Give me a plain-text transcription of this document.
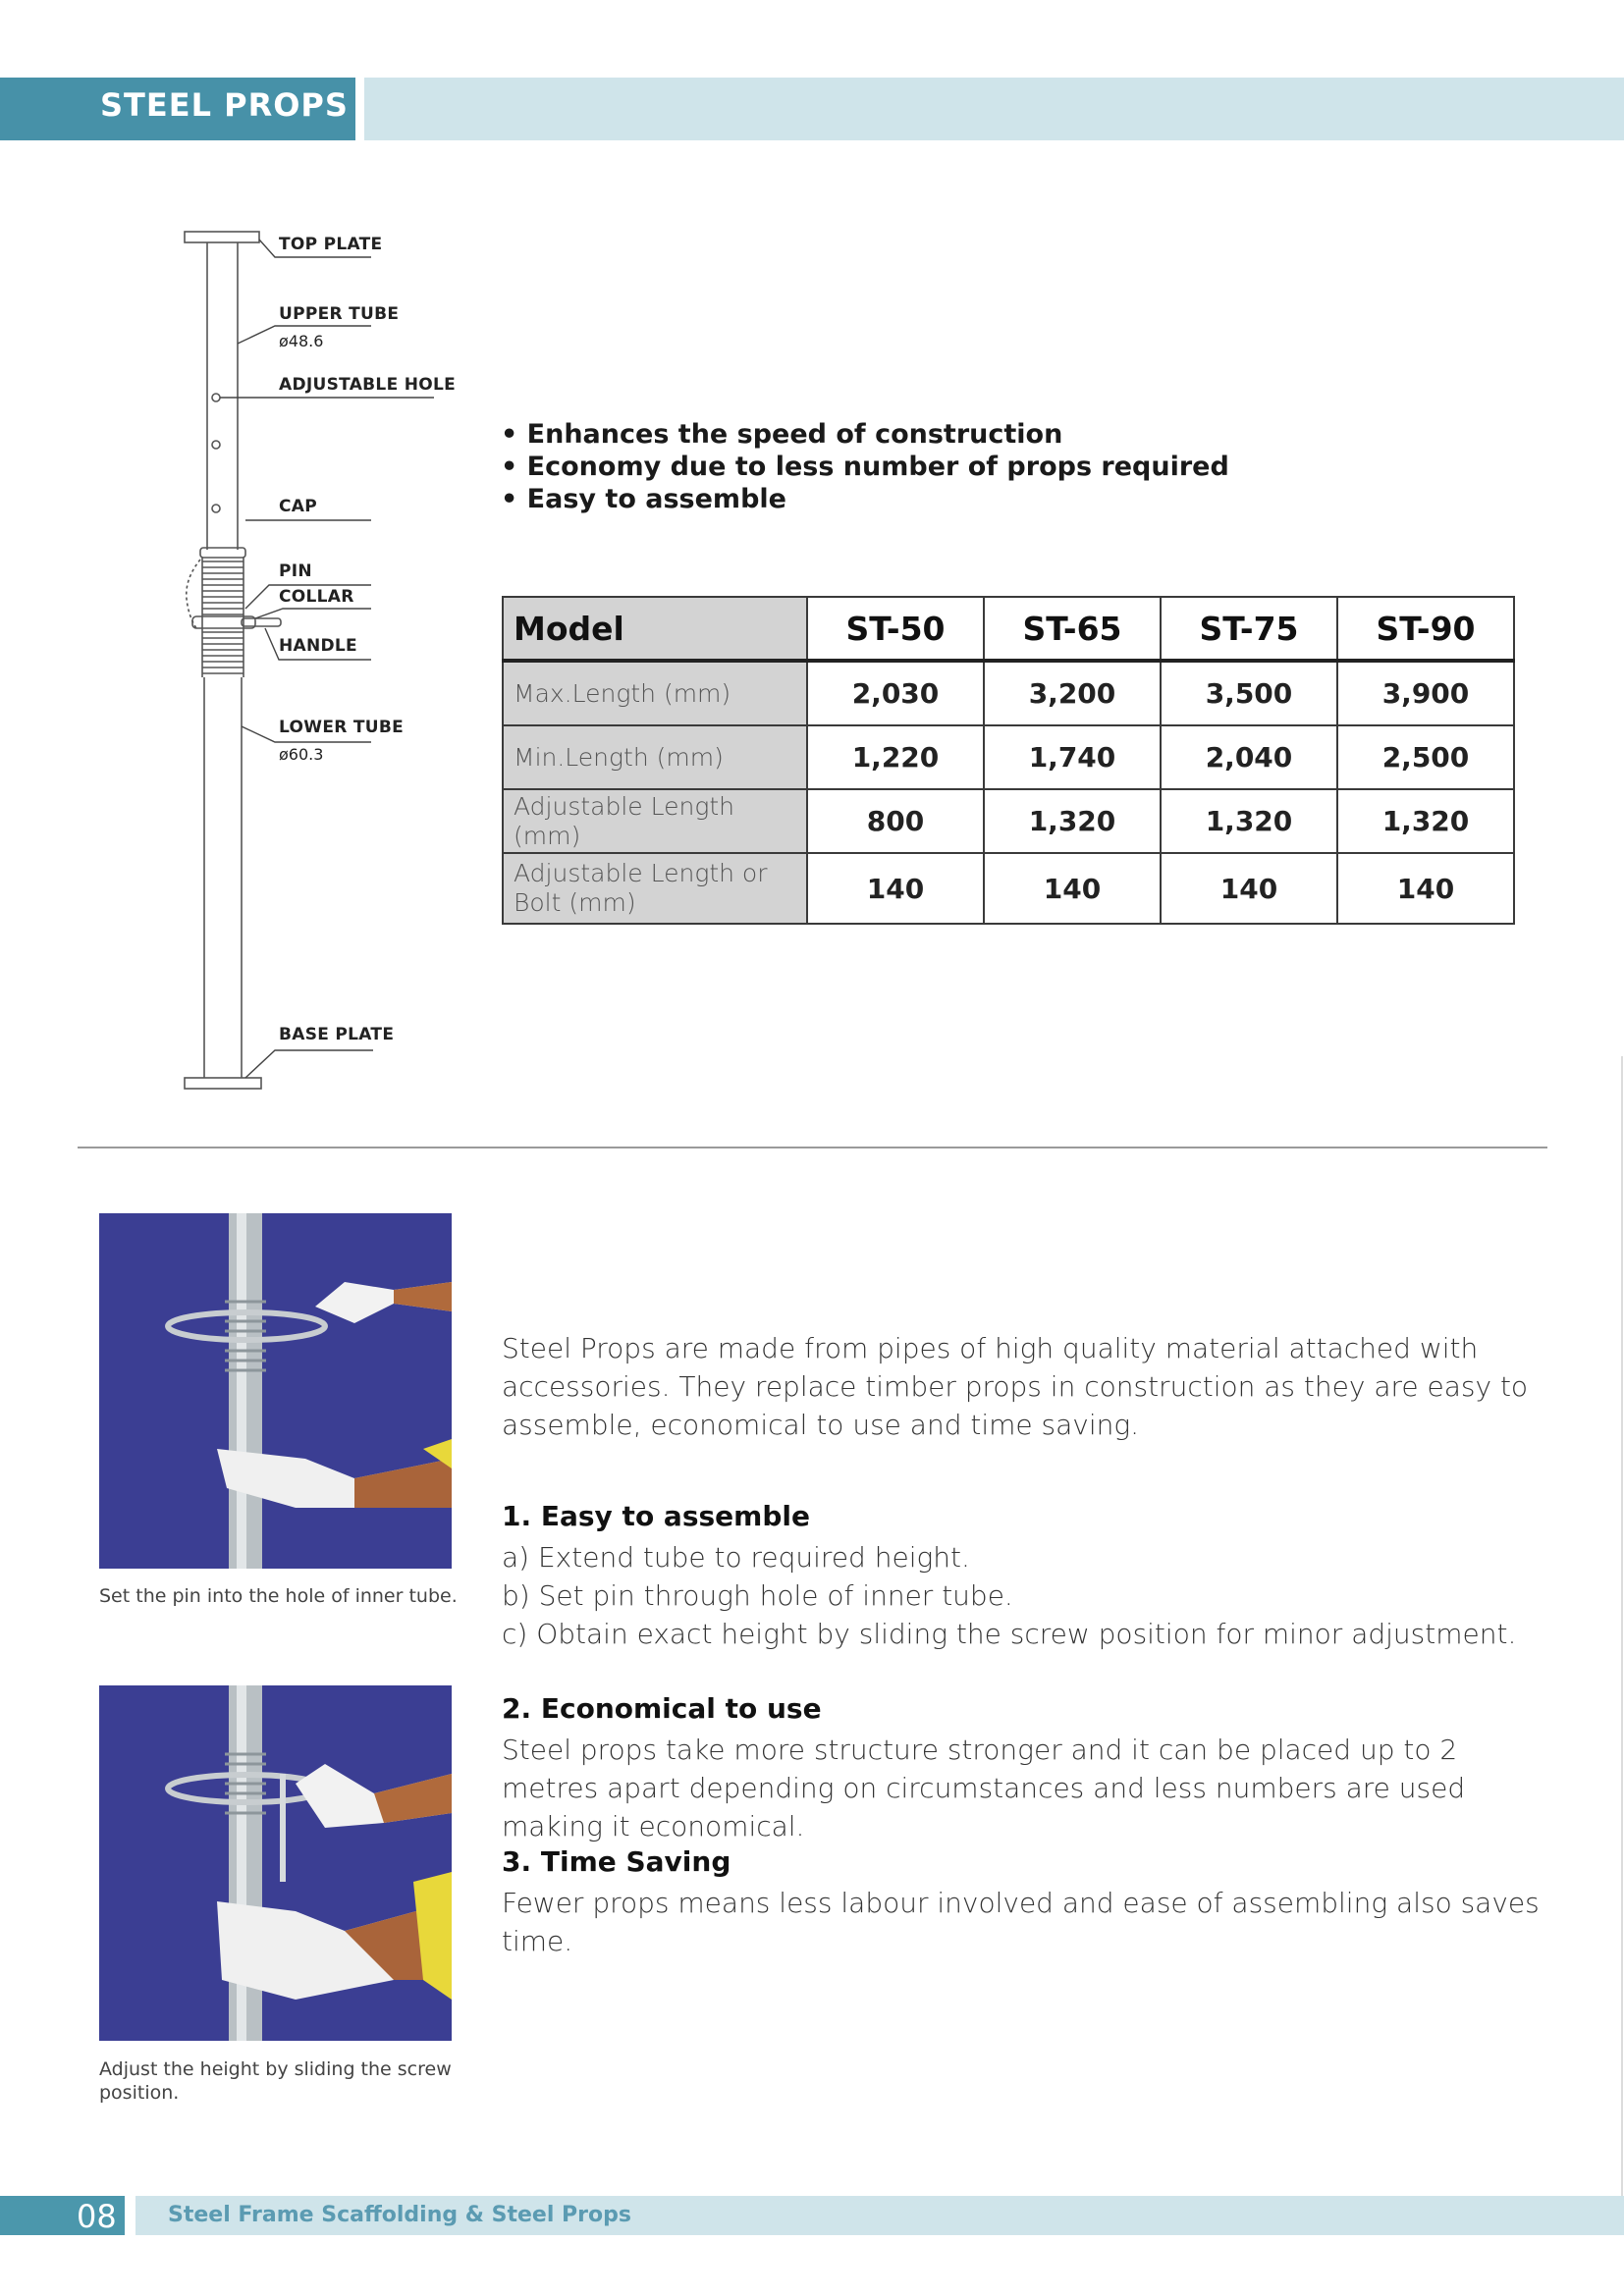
STEEL PROPS
TOP PLATE
UPPER TUBE
ø48.6
ADJUSTABLE HOLE
CAP
PIN
COLLAR
HANDLE
LOWER TUBE
ø60.3
BASE PLATE
• Enhances the speed of construction
• Economy due to less number of props required
• Easy to assemble
Model	ST-50	ST-65	ST-75	ST-90
Max.Length (mm)	2,030	3,200	3,500	3,900
Min.Length (mm)	1,220	1,740	2,040	2,500
Adjustable Length (mm)	800	1,320	1,320	1,320
Adjustable Length or Bolt (mm)	140	140	140	140
Set the pin into the hole of inner tube.
Adjust the height by sliding the screw position.
Steel Props are made from pipes of high quality material attached with accessories. They replace timber props in construction as they are easy to assemble, economical to use and time saving.
1. Easy to assemble
a) Extend tube to required height.
b) Set pin through hole of inner tube.
c) Obtain exact height by sliding the screw position for minor adjustment.
2. Economical to use
Steel props take more structure stronger and it can be placed up to 2 metres apart depending on circumstances and less numbers are used making it economical.
3. Time Saving
Fewer props means less labour involved and ease of assembling also saves time.
08 Steel Frame Scaffolding & Steel Props
